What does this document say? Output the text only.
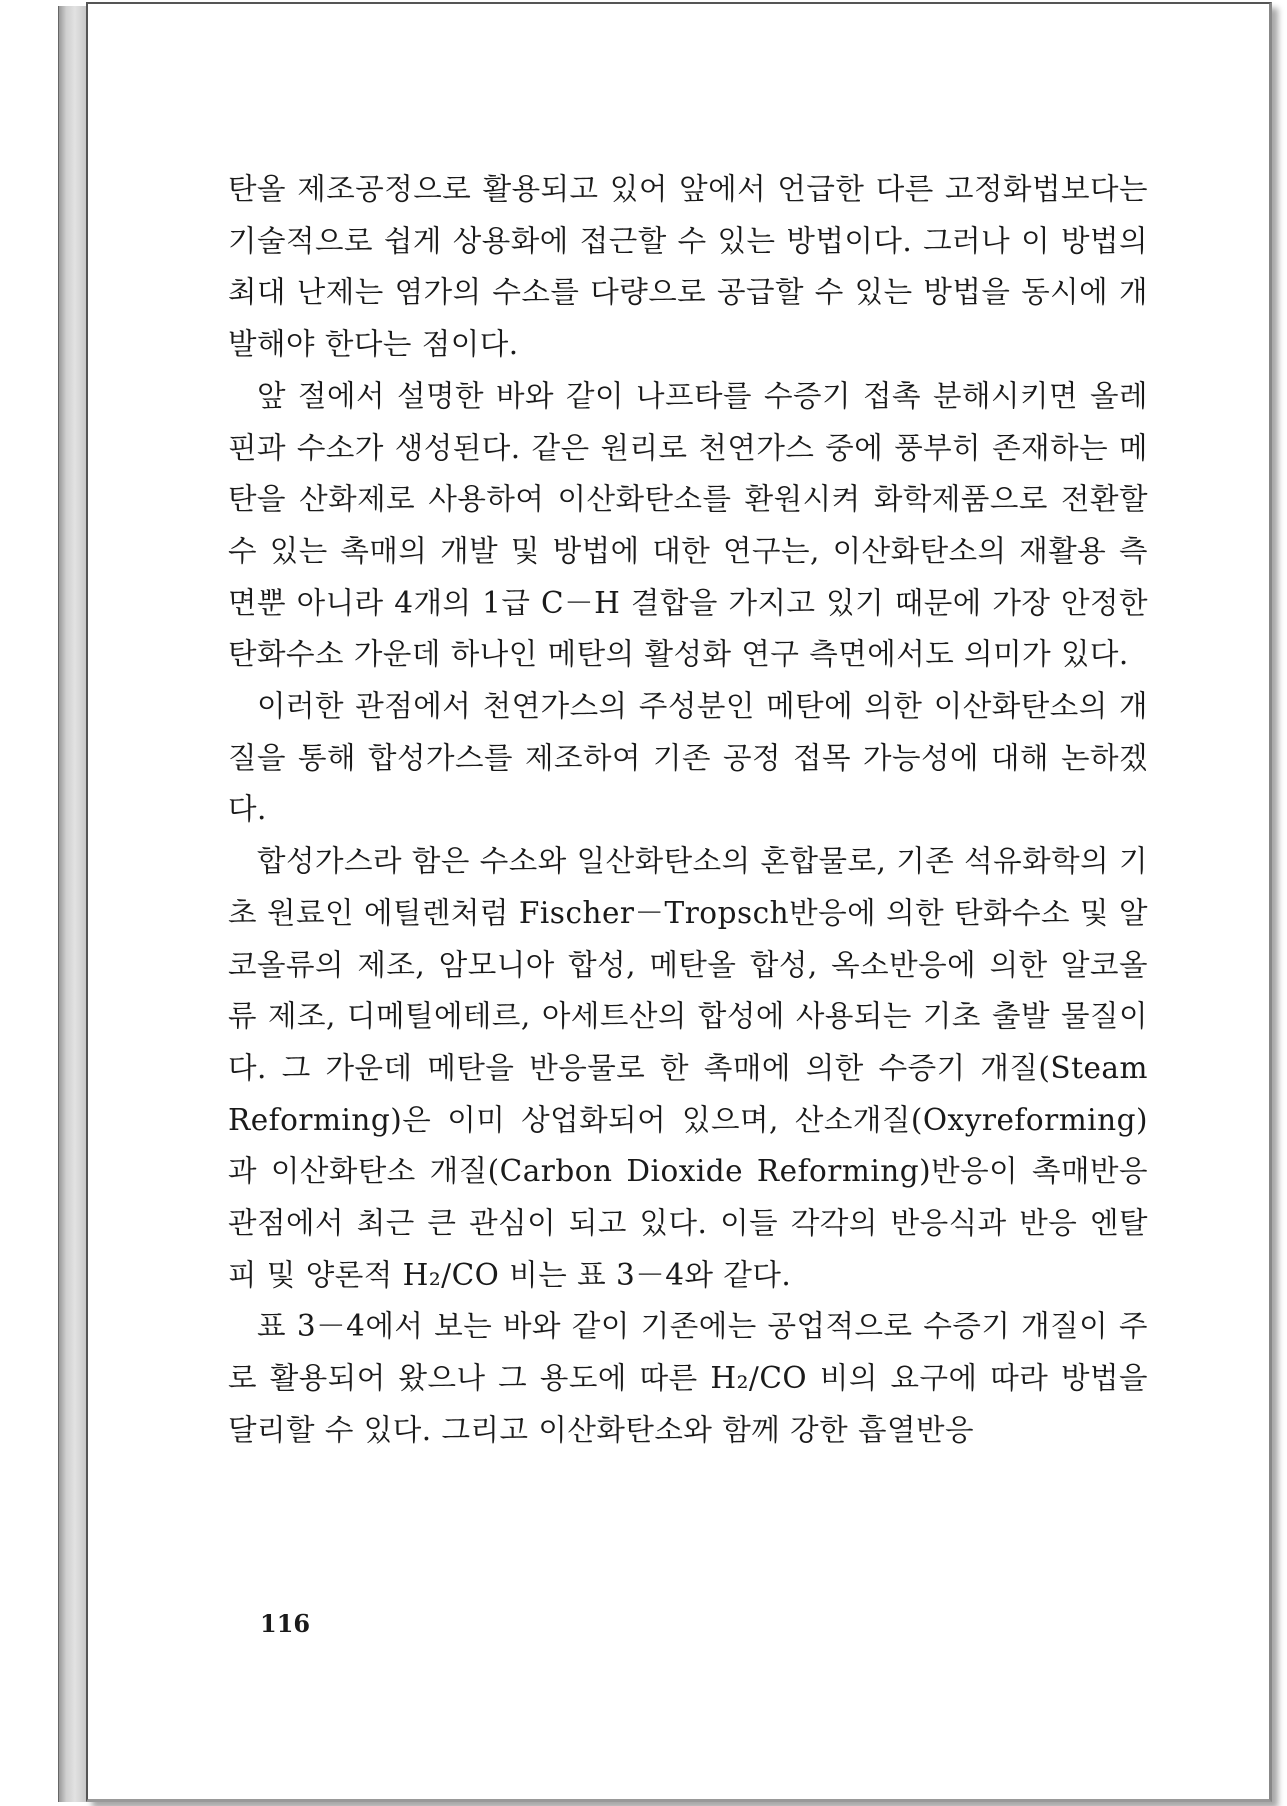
탄올 제조공정으로 활용되고 있어 앞에서 언급한 다른 고정화법보다는 기술적으로 쉽게 상용화에 접근할 수 있는 방법이다. 그러나 이 방법의 최대 난제는 염가의 수소를 다량으로 공급할 수 있는 방법을 동시에 개발해야 한다는 점이다.

앞 절에서 설명한 바와 같이 나프타를 수증기 접촉 분해시키면 올레핀과 수소가 생성된다. 같은 원리로 천연가스 중에 풍부히 존재하는 메탄을 산화제로 사용하여 이산화탄소를 환원시켜 화학제품으로 전환할 수 있는 촉매의 개발 및 방법에 대한 연구는, 이산화탄소의 재활용 측면뿐 아니라 4개의 1급 C－H 결합을 가지고 있기 때문에 가장 안정한 탄화수소 가운데 하나인 메탄의 활성화 연구 측면에서도 의미가 있다.

이러한 관점에서 천연가스의 주성분인 메탄에 의한 이산화탄소의 개질을 통해 합성가스를 제조하여 기존 공정 접목 가능성에 대해 논하겠다.

합성가스라 함은 수소와 일산화탄소의 혼합물로, 기존 석유화학의 기초 원료인 에틸렌처럼 Fischer－Tropsch반응에 의한 탄화수소 및 알코올류의 제조, 암모니아 합성, 메탄올 합성, 옥소반응에 의한 알코올류 제조, 디메틸에테르, 아세트산의 합성에 사용되는 기초 출발 물질이다. 그 가운데 메탄을 반응물로 한 촉매에 의한 수증기 개질(Steam Reforming)은 이미 상업화되어 있으며, 산소개질(Oxyreforming)과 이산화탄소 개질(Carbon Dioxide Reforming)반응이 촉매반응 관점에서 최근 큰 관심이 되고 있다. 이들 각각의 반응식과 반응 엔탈피 및 양론적 H₂/CO 비는 표 3－4와 같다.

표 3－4에서 보는 바와 같이 기존에는 공업적으로 수증기 개질이 주로 활용되어 왔으나 그 용도에 따른 H₂/CO 비의 요구에 따라 방법을 달리할 수 있다. 그리고 이산화탄소와 함께 강한 흡열반응

116
